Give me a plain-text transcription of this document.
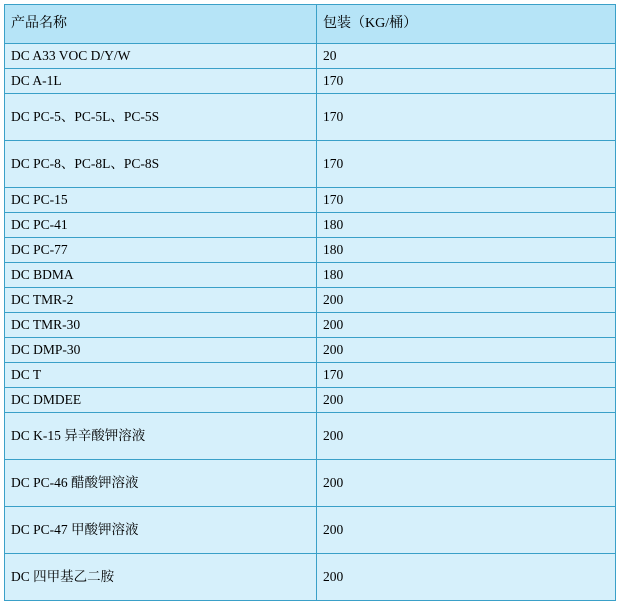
产品名称	包装（KG/桶）
DC A33 VOC D/Y/W	20
DC A-1L	170
DC PC-5、PC-5L、PC-5S	170
DC PC-8、PC-8L、PC-8S	170
DC PC-15	170
DC PC-41	180
DC PC-77	180
DC BDMA	180
DC TMR-2	200
DC TMR-30	200
DC DMP-30	200
DC T	170
DC DMDEE	200
DC K-15 异辛酸钾溶液	200
DC PC-46 醋酸钾溶液	200
DC PC-47 甲酸钾溶液	200
DC 四甲基乙二胺	200
